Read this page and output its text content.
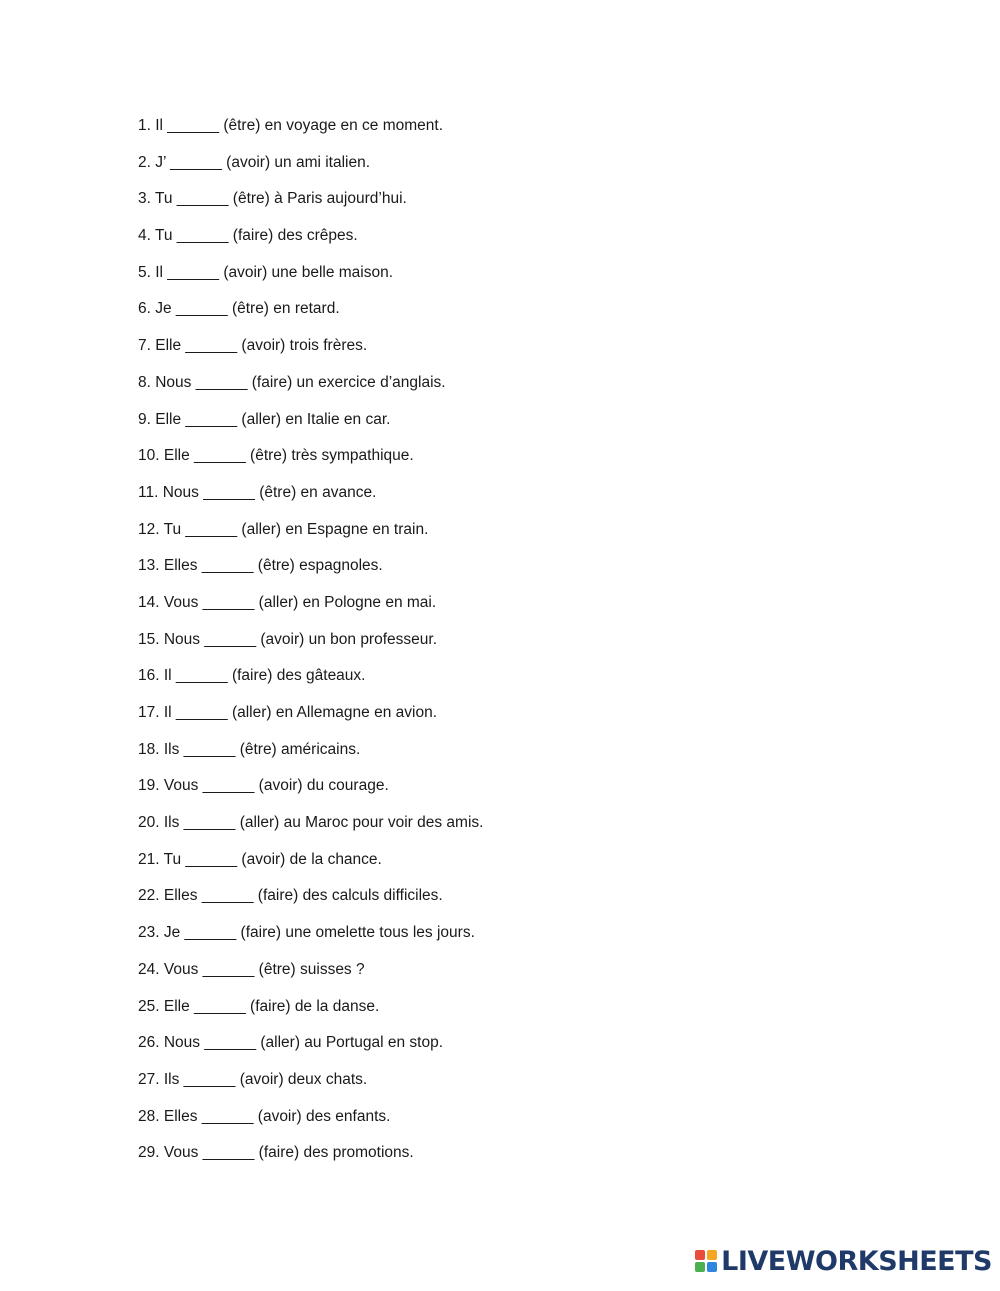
1. Il ______ (être) en voyage en ce moment.
2. J’ ______ (avoir) un ami italien.
3. Tu ______ (être) à Paris aujourd’hui.
4. Tu ______ (faire) des crêpes.
5. Il ______ (avoir) une belle maison.
6. Je ______ (être) en retard.
7. Elle ______ (avoir) trois frères.
8. Nous ______ (faire) un exercice d’anglais.
9. Elle ______ (aller) en Italie en car.
10. Elle ______ (être) très sympathique.
11. Nous ______ (être) en avance.
12. Tu ______ (aller) en Espagne en train.
13. Elles ______ (être) espagnoles.
14. Vous ______ (aller) en Pologne en mai.
15. Nous ______ (avoir) un bon professeur.
16. Il ______ (faire) des gâteaux.
17. Il ______ (aller) en Allemagne en avion.
18. Ils ______ (être) américains.
19. Vous ______ (avoir) du courage.
20. Ils ______ (aller) au Maroc pour voir des amis.
21. Tu ______ (avoir) de la chance.
22. Elles ______ (faire) des calculs difficiles.
23. Je ______ (faire) une omelette tous les jours.
24. Vous ______ (être) suisses ?
25. Elle ______ (faire) de la danse.
26. Nous ______ (aller) au Portugal en stop.
27. Ils ______ (avoir) deux chats.
28. Elles ______ (avoir) des enfants.
29. Vous ______ (faire) des promotions.
LIVEWORKSHEETS
